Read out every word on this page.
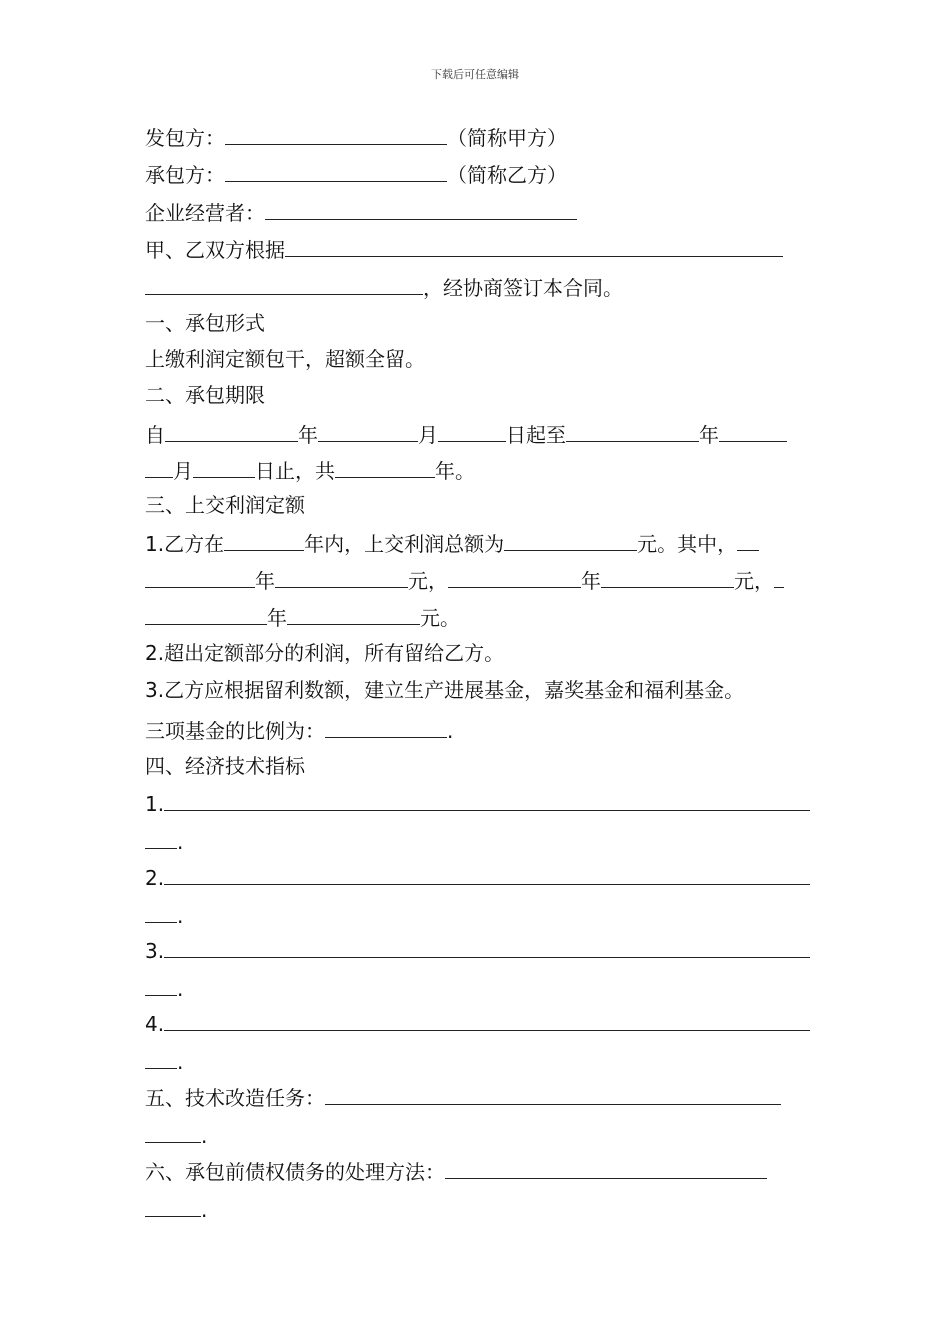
下载后可任意编辑
发包方：	（简称甲方）
承包方：	（简称乙方）
企业经营者：
甲、乙双方根据
，经协商签订本合同。
一、承包形式
上缴利润定额包干，超额全留。
二、承包期限
自	年	月	日起至	年
月	日止，共	年。
三、上交利润定额
1.乙方在	年内，上交利润总额为	元。其中，
年	元，	年	元，
年	元。
2.超出定额部分的利润，所有留给乙方。
3.乙方应根据留利数额，建立生产进展基金，嘉奖基金和福利基金。
三项基金的比例为：	.
四、经济技术指标
1.
.
2.
.
3.
.
4.
.
五、技术改造任务：
.
六、承包前债权债务的处理方法：
.
